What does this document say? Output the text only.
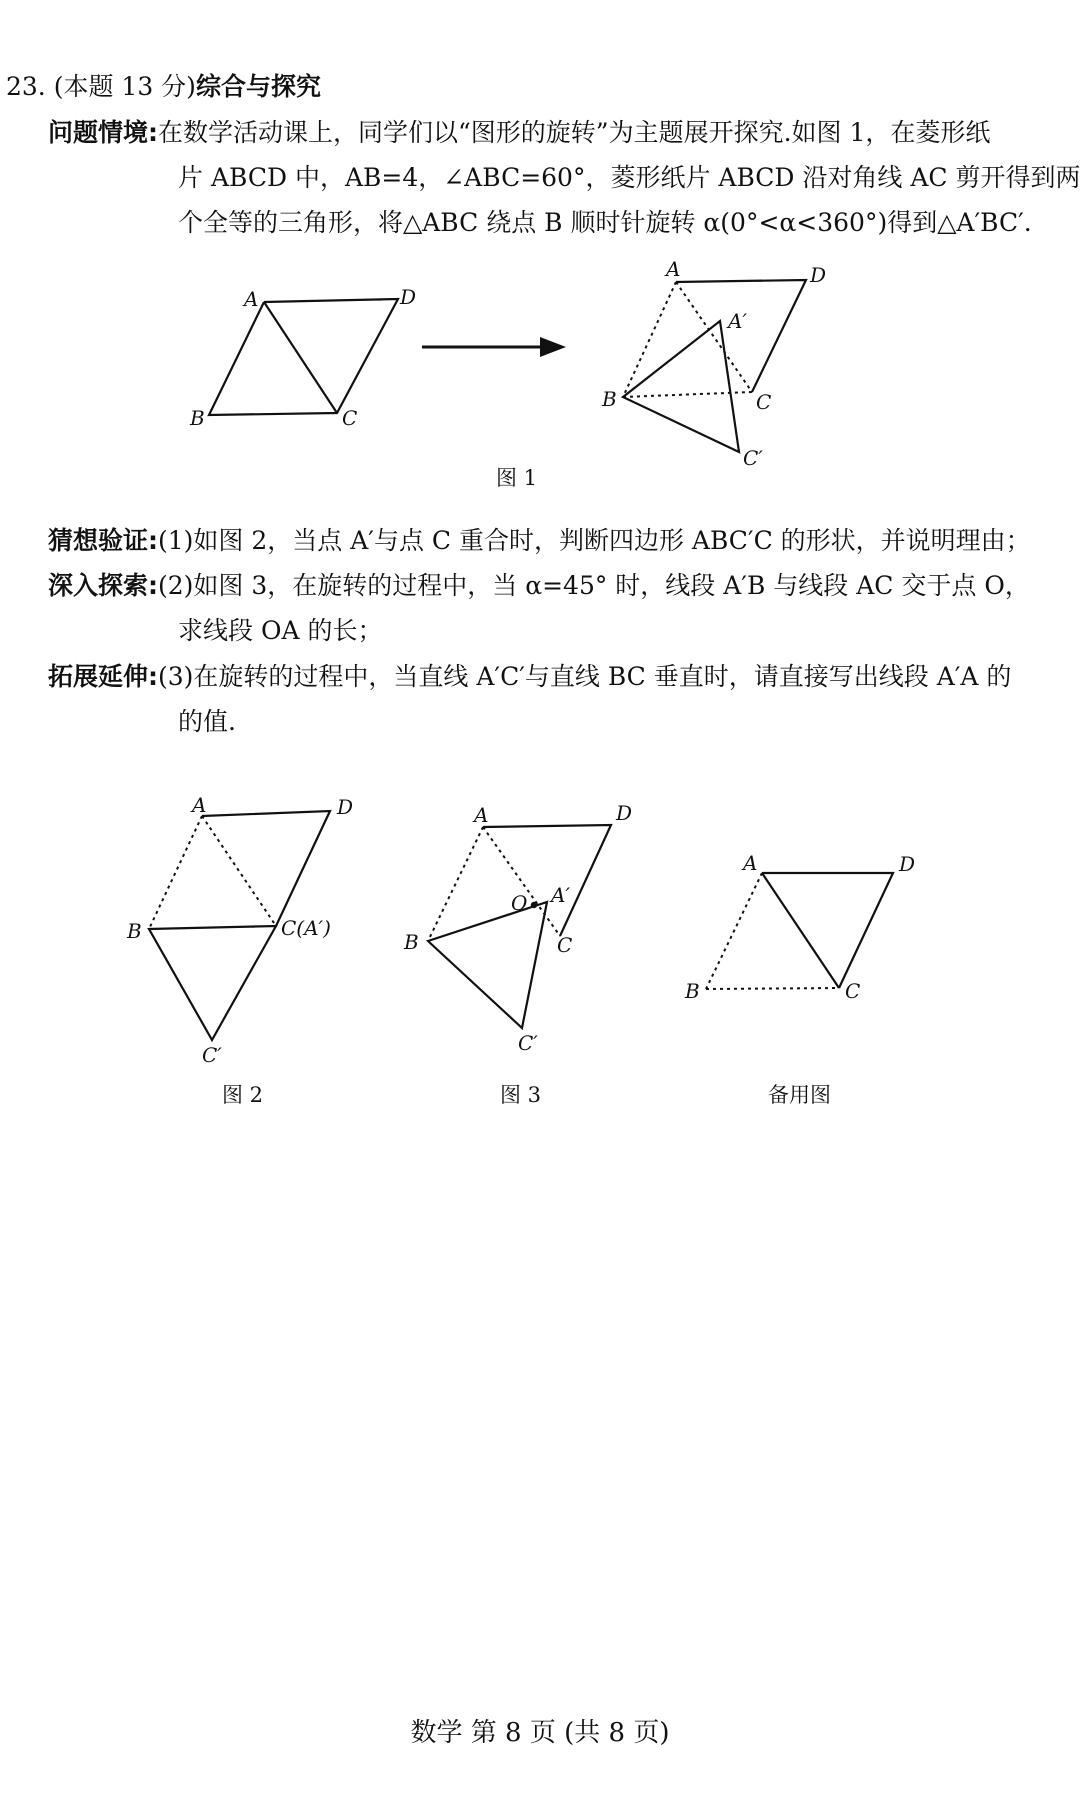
23. (本题 13 分)综合与探究
问题情境: 在数学活动课上，同学们以“图形的旋转”为主题展开探究.如图 1，在菱形纸
片 ABCD 中，AB=4，∠ABC=60°，菱形纸片 ABCD 沿对角线 AC 剪开得到两
个全等的三角形，将△ABC 绕点 B 顺时针旋转 α(0°<α<360°)得到△A′BC′.
A	D
B	C
A	D
A′
B	C
C′
A	D
B	C(A′)
C′
A	D
O A′
B	C
C′
A	D
B	C
图 1
猜想验证: (1)如图 2，当点 A′与点 C 重合时，判断四边形 ABC′C 的形状，并说明理由；
深入探索: (2)如图 3，在旋转的过程中，当 α=45° 时，线段 A′B 与线段 AC 交于点 O，
求线段 OA 的长；
拓展延伸: (3)在旋转的过程中，当直线 A′C′与直线 BC 垂直时，请直接写出线段 A′A 的
的值.
图 2	图 3	备用图
数学 第 8 页 (共 8 页)
